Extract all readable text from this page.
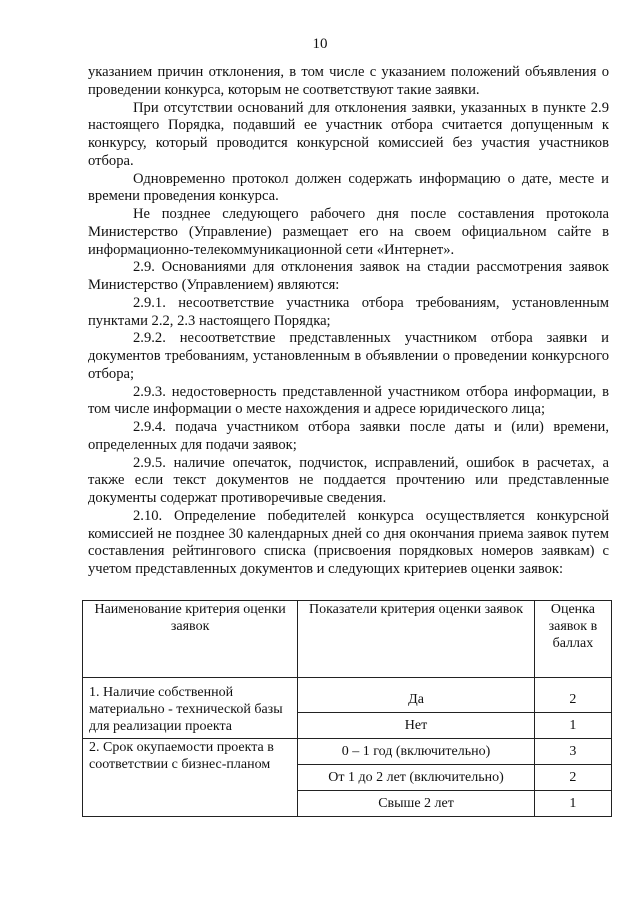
10

указанием причин отклонения, в том числе с указанием положений объявления о проведении конкурса, которым не соответствуют такие заявки.

При отсутствии оснований для отклонения заявки, указанных в пункте 2.9 настоящего Порядка, подавший ее участник отбора считается допущенным к конкурсу, который проводится конкурсной комиссией без участия участников отбора.

Одновременно протокол должен содержать информацию о дате, месте и времени проведения конкурса.

Не позднее следующего рабочего дня после составления протокола Министерство (Управление) размещает его на своем официальном сайте в информационно-телекоммуникационной сети «Интернет».

2.9. Основаниями для отклонения заявок на стадии рассмотрения заявок Министерство (Управлением) являются:

2.9.1. несоответствие участника отбора требованиям, установленным пунктами 2.2, 2.3 настоящего Порядка;

2.9.2. несоответствие представленных участником отбора заявки и документов требованиям, установленным в объявлении о проведении конкурсного отбора;

2.9.3. недостоверность представленной участником отбора информации, в том числе информации о месте нахождения и адресе юридического лица;

2.9.4. подача участником отбора заявки после даты и (или) времени, определенных для подачи заявок;

2.9.5. наличие опечаток, подчисток, исправлений, ошибок в расчетах, а также если текст документов не поддается прочтению или представленные документы содержат противоречивые сведения.

2.10. Определение победителей конкурса осуществляется конкурсной комиссией не позднее 30 календарных дней со дня окончания приема заявок путем составления рейтингового списка (присвоения порядковых номеров заявкам) с учетом представленных документов и следующих критериев оценки заявок:

Наименование критерия оценки заявок	Показатели критерия оценки заявок	Оценка заявок в баллах
1. Наличие собственной материально - технической базы для реализации проекта	Да	2
	Нет	1
2. Срок окупаемости проекта в соответствии с бизнес-планом	0 – 1 год (включительно)	3
	От 1 до 2 лет (включительно)	2
	Свыше 2 лет	1
